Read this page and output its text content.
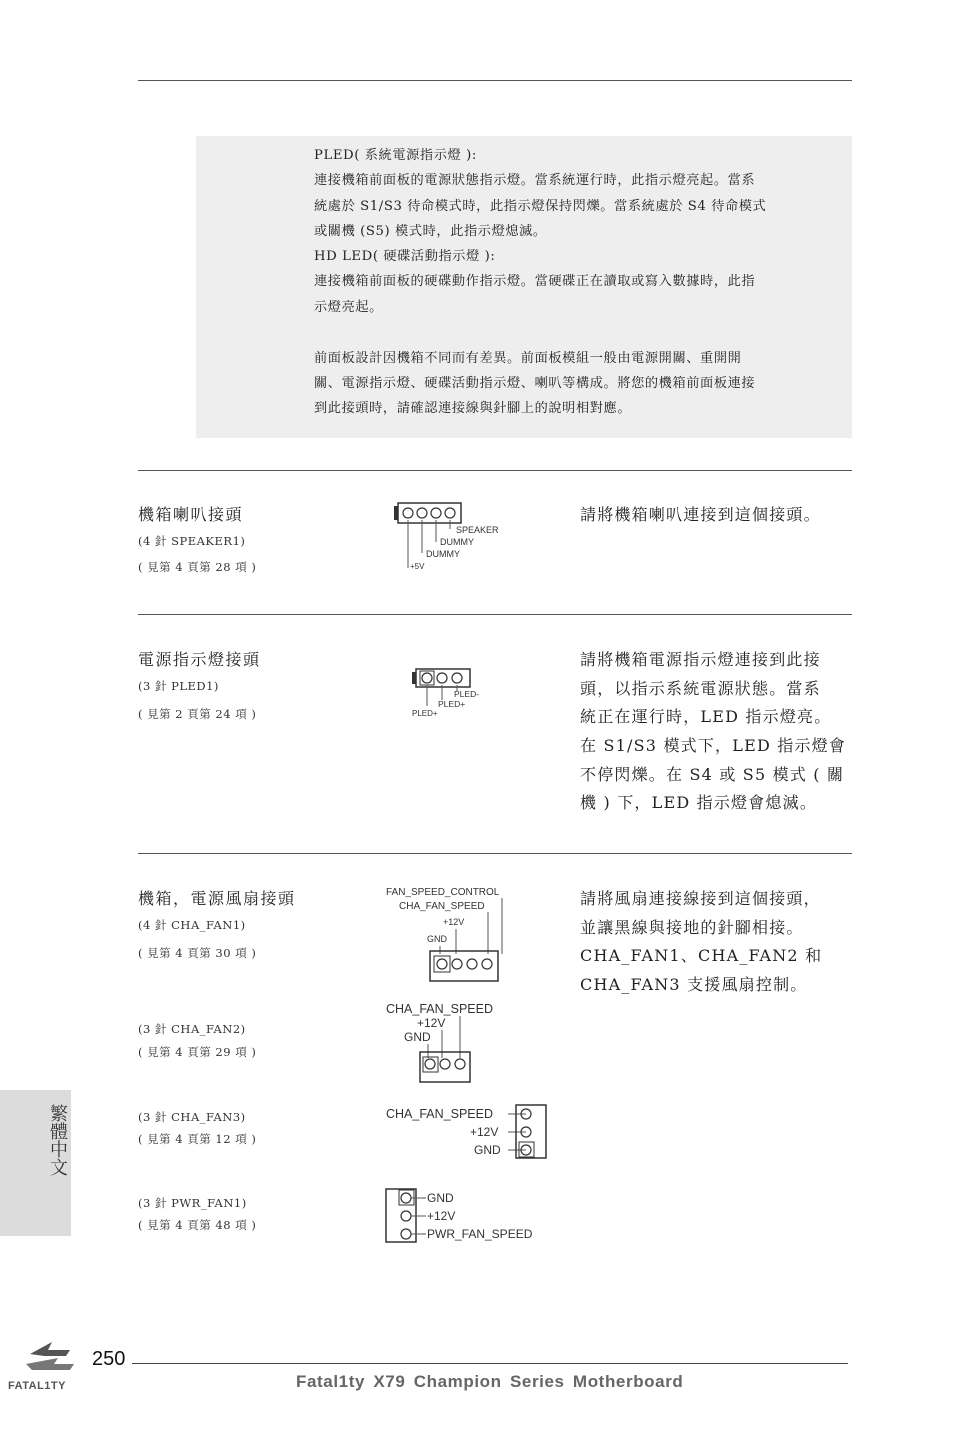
PLED( 系統電源指示燈 ):
連接機箱前面板的電源狀態指示燈。當系統運行時，此指示燈亮起。當系
統處於 S1/S3 待命模式時，此指示燈保持閃爍。當系統處於 S4 待命模式
或關機 (S5) 模式時，此指示燈熄滅。
HD LED( 硬碟活動指示燈 ):
連接機箱前面板的硬碟動作指示燈。當硬碟正在讀取或寫入數據時，此指
示燈亮起。
前面板設計因機箱不同而有差異。前面板模組一般由電源開關、重開開
關、電源指示燈、硬碟活動指示燈、喇叭等構成。將您的機箱前面板連接
到此接頭時，請確認連接線與針腳上的說明相對應。
機箱喇叭接頭
(4 針 SPEAKER1)
( 見第 4 頁第 28 項 )
請將機箱喇叭連接到這個接頭。
SPEAKER
DUMMY
DUMMY
+5V
電源指示燈接頭
(3 針 PLED1)
( 見第 2 頁第 24 項 )
請將機箱電源指示燈連接到此接
頭，以指示系統電源狀態。當系
統正在運行時，LED 指示燈亮。
在 S1/S3 模式下，LED 指示燈會
不停閃爍。在 S4 或 S5 模式 ( 關
機 ) 下，LED 指示燈會熄滅。
PLED-
PLED+
PLED+
機箱，電源風扇接頭	請將風扇連接線接到這個接頭，
並讓黑線與接地的針腳相接。
CHA_FAN1、CHA_FAN2 和
CHA_FAN3 支援風扇控制。
(4 針 CHA_FAN1)
( 見第 4 頁第 30 項 )
FAN_SPEED_CONTROL
CHA_FAN_SPEED
+12V
GND
(3 針 CHA_FAN2)
( 見第 4 頁第 29 項 )
CHA_FAN_SPEED
+12V
GND
(3 針 CHA_FAN3)
( 見第 4 頁第 12 項 )
CHA_FAN_SPEED
+12V
GND
(3 針 PWR_FAN1)
( 見第 4 頁第 48 項 )
GND
+12V
PWR_FAN_SPEED
繁體中文
FATAL1TY
250
Fatal1ty X79 Champion Series Motherboard
